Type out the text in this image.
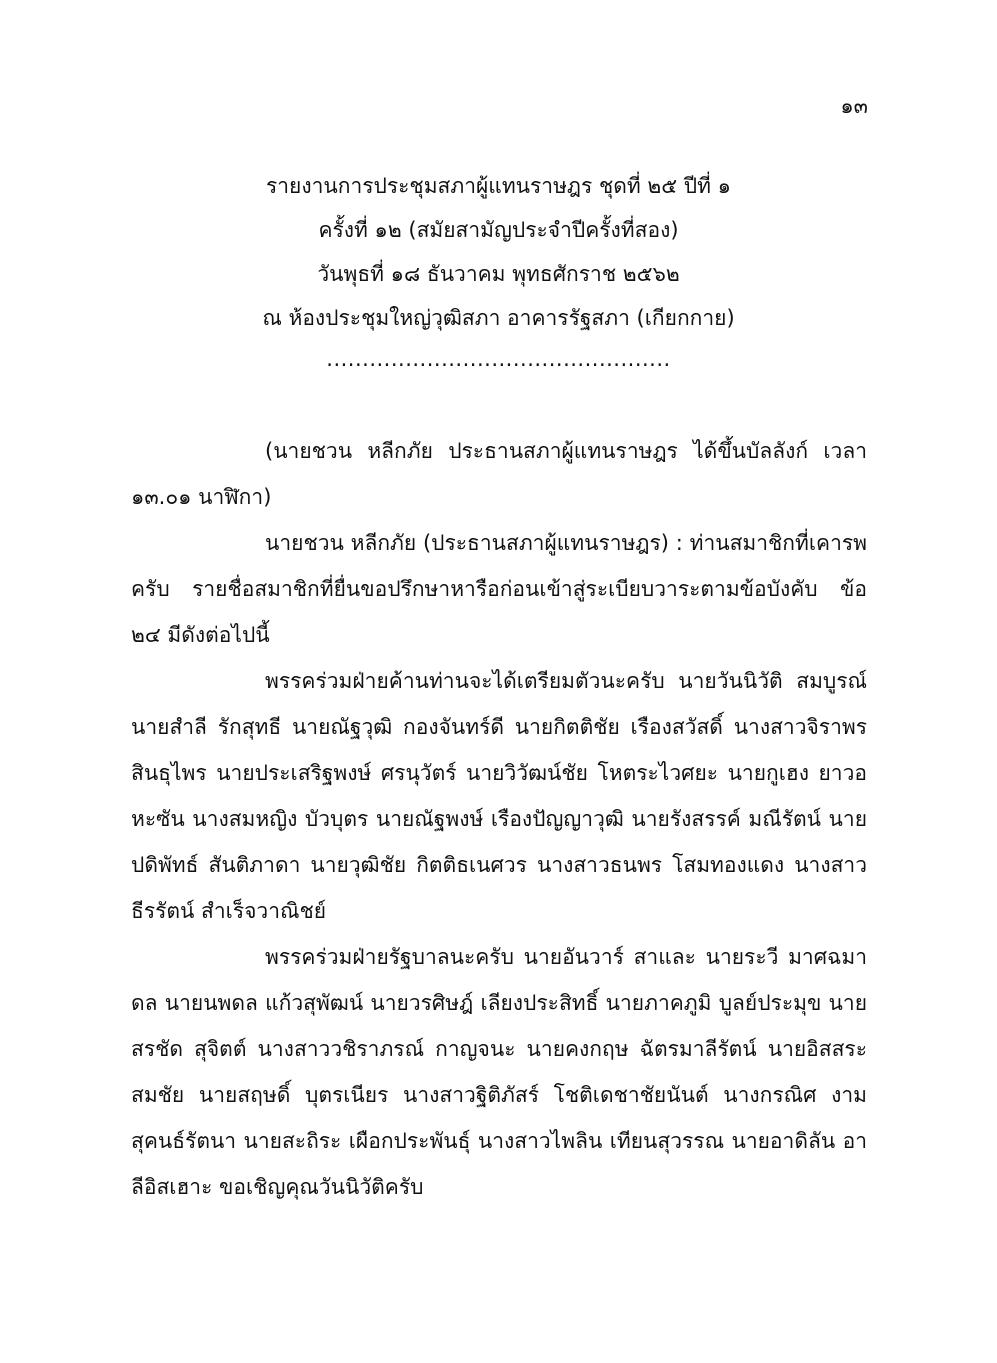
๑๓
รายงานการประชุมสภาผู้แทนราษฎร ชุดที่ ๒๕ ปีที่ ๑
ครั้งที่ ๑๒ (สมัยสามัญประจำปีครั้งที่สอง)
วันพุธที่ ๑๘ ธันวาคม พุทธศักราช ๒๕๖๒
ณ ห้องประชุมใหญ่วุฒิสภา อาคารรัฐสภา (เกียกกาย)
................................................

(นายชวน หลีกภัย ประธานสภาผู้แทนราษฎร ได้ขึ้นบัลลังก์ เวลา ๑๓.๐๑ นาฬิกา)

นายชวน หลีกภัย (ประธานสภาผู้แทนราษฎร) : ท่านสมาชิกที่เคารพครับ รายชื่อสมาชิกที่ยื่นขอปรึกษาหารือก่อนเข้าสู่ระเบียบวาระตามข้อบังคับ ข้อ ๒๔ มีดังต่อไปนี้

พรรคร่วมฝ่ายค้านท่านจะได้เตรียมตัวนะครับ นายวันนิวัติ สมบูรณ์ นายสำลี รักสุทธี นายณัฐวุฒิ กองจันทร์ดี นายกิตติชัย เรืองสวัสดิ์ นางสาวจิราพร สินธุไพร นายประเสริฐพงษ์ ศรนุวัตร์ นายวิวัฒน์ชัย โหตระไวศยะ นายกูเฮง ยาวอหะซัน นางสมหญิง บัวบุตร นายณัฐพงษ์ เรืองปัญญาวุฒิ นายรังสรรค์ มณีรัตน์ นายปดิพัทธ์ สันติภาดา นายวุฒิชัย กิตติธเนศวร นางสาวธนพร โสมทองแดง นางสาวธีรรัตน์ สำเร็จวาณิชย์

พรรคร่วมฝ่ายรัฐบาลนะครับ นายอันวาร์ สาและ นายระวี มาศฉมาดล นายนพดล แก้วสุพัฒน์ นายวรศิษฎ์ เลียงประสิทธิ์ นายภาคภูมิ บูลย์ประมุข นายสรชัด สุจิตต์ นางสาววชิราภรณ์ กาญจนะ นายคงกฤษ ฉัตรมาลีรัตน์ นายอิสสระ สมชัย นายสฤษดิ์ บุตรเนียร นางสาวฐิติภัสร์ โชติเดชาชัยนันต์ นางกรณิศ งามสุคนธ์รัตนา นายสะถิระ เผือกประพันธุ์ นางสาวไพลิน เทียนสุวรรณ นายอาดิลัน อาลีอิสเฮาะ ขอเชิญคุณวันนิวัติครับ
